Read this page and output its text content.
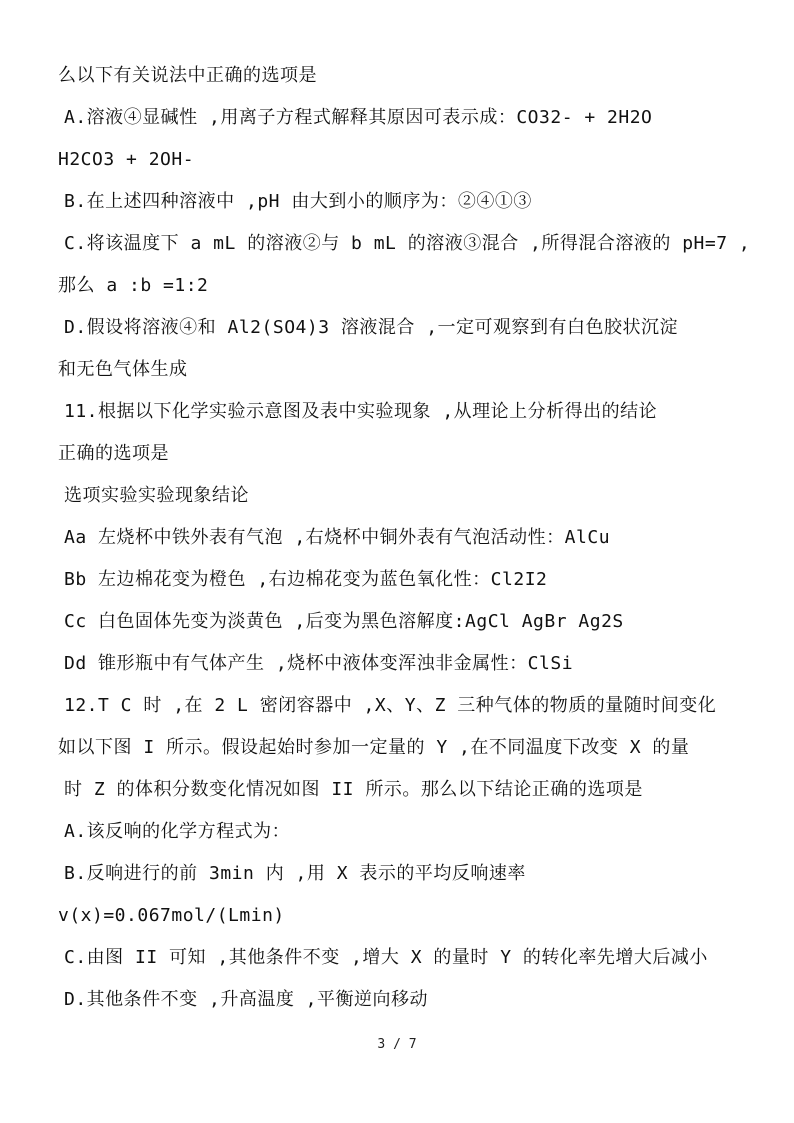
么以下有关说法中正确的选项是
A.溶液④显碱性 ,用离子方程式解释其原因可表示成：CO32- + 2H2O
H2CO3 + 2OH-
B.在上述四种溶液中 ,pH 由大到小的顺序为：②④①③
C.将该温度下 a mL 的溶液②与 b mL 的溶液③混合 ,所得混合溶液的 pH=7 ,
那么 a :b =1:2
D.假设将溶液④和 Al2(SO4)3 溶液混合 ,一定可观察到有白色胶状沉淀
和无色气体生成
11.根据以下化学实验示意图及表中实验现象 ,从理论上分析得出的结论
正确的选项是
选项实验实验现象结论
Aa 左烧杯中铁外表有气泡 ,右烧杯中铜外表有气泡活动性：AlCu
Bb 左边棉花变为橙色 ,右边棉花变为蓝色氧化性：Cl2I2
Cc 白色固体先变为淡黄色 ,后变为黑色溶解度:AgCl AgBr Ag2S
Dd 锥形瓶中有气体产生 ,烧杯中液体变浑浊非金属性：ClSi
12.T C 时 ,在 2 L 密闭容器中 ,X、Y、Z 三种气体的物质的量随时间变化
如以下图 I 所示。假设起始时参加一定量的 Y ,在不同温度下改变 X 的量
时 Z 的体积分数变化情况如图 II 所示。那么以下结论正确的选项是
A.该反响的化学方程式为：
B.反响进行的前 3min 内 ,用 X 表示的平均反响速率
v(x)=0.067mol/(Lmin)
C.由图 II 可知 ,其他条件不变 ,增大 X 的量时 Y 的转化率先增大后减小
D.其他条件不变 ,升高温度 ,平衡逆向移动
3 / 7
